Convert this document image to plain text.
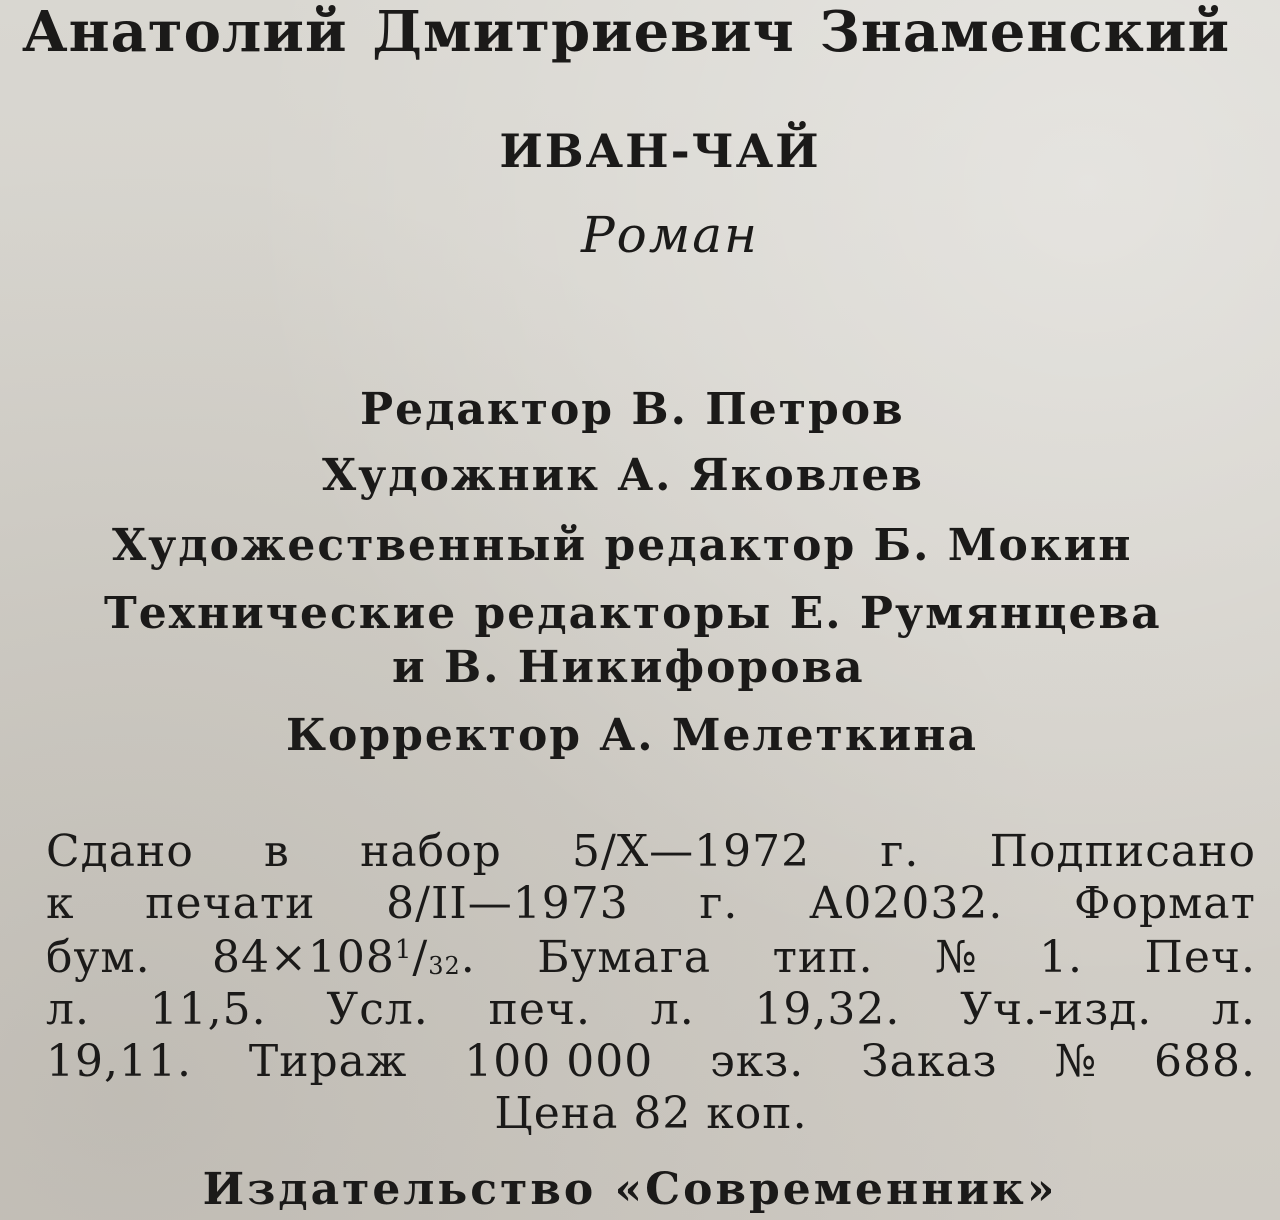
Анатолий Дмитриевич Знаменский
ИВАН-ЧАЙ
Роман
Редактор В. Петров
Художник А. Яковлев
Художественный редактор Б. Мокин
Технические редакторы Е. Румянцева
и В. Никифорова
Корректор А. Мелеткина
Сдано в набор 5/X—1972 г. Подписано
к печати 8/II—1973 г. А02032. Формат
бум. $84\times 108^1/_{32}$. Бумага тип. № 1. Печ.
л. 11,5. Усл. печ. л. 19,32. Уч.-изд. л.
19,11. Тираж 100 000 экз. Заказ № 688.
Цена 82 коп.
Издательство «Современник»
